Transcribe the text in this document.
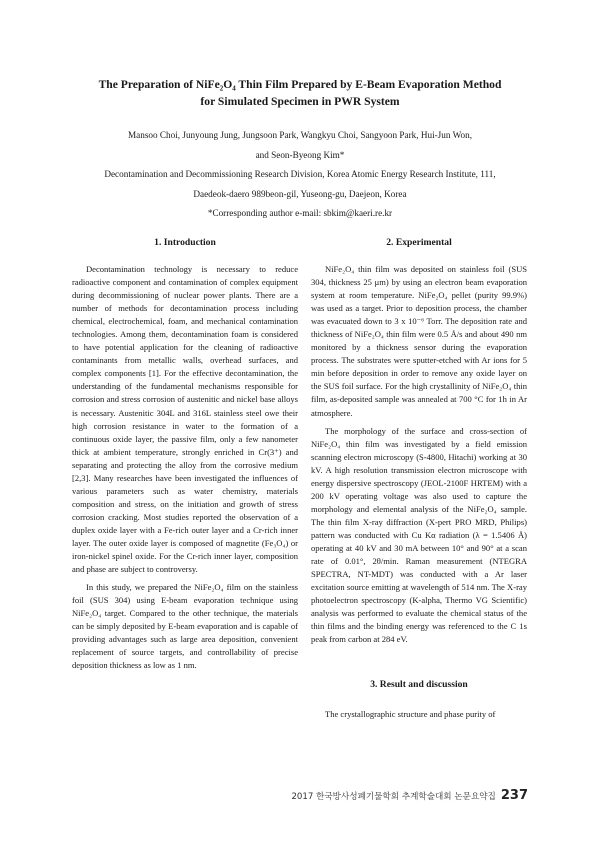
The Preparation of NiFe₂O₄ Thin Film Prepared by E-Beam Evaporation Method
for Simulated Specimen in PWR System
Mansoo Choi, Junyoung Jung, Jungsoon Park, Wangkyu Choi, Sangyoon Park, Hui-Jun Won,
and Seon-Byeong Kim*
Decontamination and Decommissioning Research Division, Korea Atomic Energy Research Institute, 111,
Daedeok-daero 989beon-gil, Yuseong-gu, Daejeon, Korea
*Corresponding author e-mail: sbkim@kaeri.re.kr
1. Introduction

Decontamination technology is necessary to reduce radioactive component and contamination of complex equipment during decommissioning of nuclear power plants. There are a number of methods for decontamination process including chemical, electrochemical, foam, and mechanical contamination technologies. Among them, decontamination foam is considered to have potential application for the cleaning of radioactive contaminants from metallic walls, overhead surfaces, and complex components [1]. For the effective decontamination, the understanding of the fundamental mechanisms responsible for corrosion and stress corrosion of austenitic and nickel base alloys is necessary. Austenitic 304L and 316L stainless steel owe their high corrosion resistance in water to the formation of a continuous oxide layer, the passive film, only a few nanometer thick at ambient temperature, strongly enriched in Cr(3⁺) and separating and protecting the alloy from the corrosive medium [2,3]. Many researches have been investigated the influences of various parameters such as water chemistry, materials composition and stress, on the initiation and growth of stress corrosion cracking. Most studies reported the observation of a duplex oxide layer with a Fe-rich outer layer and a Cr-rich inner layer. The outer oxide layer is composed of magnetite (Fe₃O₄) or iron-nickel spinel oxide. For the Cr-rich inner layer, composition and phase are subject to controversy.

In this study, we prepared the NiFe₂O₄ film on the stainless foil (SUS 304) using E-beam evaporation technique using NiFe₂O₄ target. Compared to the other technique, the materials can be simply deposited by E-beam evaporation and is capable of providing advantages such as large area deposition, convenient replacement of source targets, and controllability of precise deposition thickness as low as 1 nm.

2. Experimental

NiFe₂O₄ thin film was deposited on stainless foil (SUS 304, thickness 25 μm) by using an electron beam evaporation system at room temperature. NiFe₂O₄ pellet (purity 99.9%) was used as a target. Prior to deposition process, the chamber was evacuated down to 3 x 10⁻⁶ Torr. The deposition rate and thickness of NiFe₂O₄ thin film were 0.5 Å/s and about 490 nm monitored by a thickness sensor during the evaporation process. The substrates were sputter-etched with Ar ions for 5 min before deposition in order to remove any oxide layer on the SUS foil surface. For the high crystallinity of NiFe₂O₄ thin film, as-deposited sample was annealed at 700 °C for 1h in Ar atmosphere.

The morphology of the surface and cross-section of NiFe₂O₄ thin film was investigated by a field emission scanning electron microscopy (S-4800, Hitachi) working at 30 kV. A high resolution transmission electron microscope with energy dispersive spectroscopy (JEOL-2100F HRTEM) with a 200 kV operating voltage was also used to capture the morphology and elemental analysis of the NiFe₂O₄ sample. The thin film X-ray diffraction (X-pert PRO MRD, Philips) pattern was conducted with Cu Kα radiation (λ = 1.5406 Å) operating at 40 kV and 30 mA between 10° and 90° at a scan rate of 0.01°, 2θ/min. Raman measurement (NTEGRA SPECTRA, NT-MDT) was conducted with a Ar laser excitation source emitting at wavelength of 514 nm. The X-ray photoelectron spectroscopy (K-alpha, Thermo VG Scientific) analysis was performed to evaluate the chemical status of the thin films and the binding energy was referenced to the C 1s peak from carbon at 284 eV.

3. Result and discussion

The crystallographic structure and phase purity of

2017 한국방사성폐기물학회 추계학술대회 논문요약집 237
